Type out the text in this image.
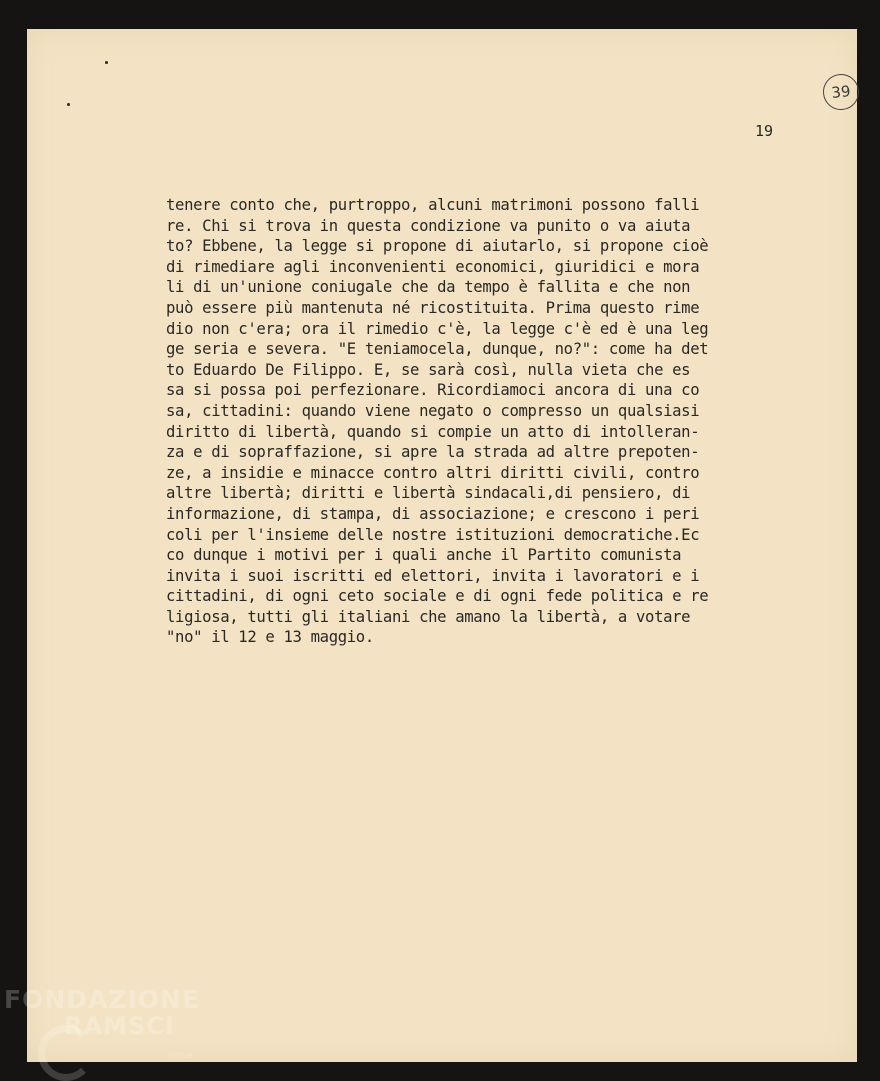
39
19
tenere conto che, purtroppo, alcuni matrimoni possono falli
re. Chi si trova in questa condizione va punito o va aiuta
to? Ebbene, la legge si propone di aiutarlo, si propone cioè
di rimediare agli inconvenienti economici, giuridici e mora
li di un'unione coniugale che da tempo è fallita e che non
può essere più mantenuta né ricostituita. Prima questo rime
dio non c'era; ora il rimedio c'è, la legge c'è ed è una leg
ge seria e severa. "E teniamocela, dunque, no?": come ha det
to Eduardo De Filippo. E, se sarà così, nulla vieta che es
sa si possa poi perfezionare. Ricordiamoci ancora di una co
sa, cittadini: quando viene negato o compresso un qualsiasi
diritto di libertà, quando si compie un atto di intolleran-
za e di sopraffazione, si apre la strada ad altre prepoten-
ze, a insidie e minacce contro altri diritti civili, contro
altre libertà; diritti e libertà sindacali,di pensiero, di
informazione, di stampa, di associazione; e crescono i peri
coli per l'insieme delle nostre istituzioni democratiche.Ec
co dunque i motivi per i quali anche il Partito comunista
invita i suoi iscritti ed elettori, invita i lavoratori e i
cittadini, di ogni ceto sociale e di ogni fede politica e re
ligiosa, tutti gli italiani che amano la libertà, a votare
"no" il 12 e 13 maggio.
FONDAZIONE
RAMSCI
onlus
